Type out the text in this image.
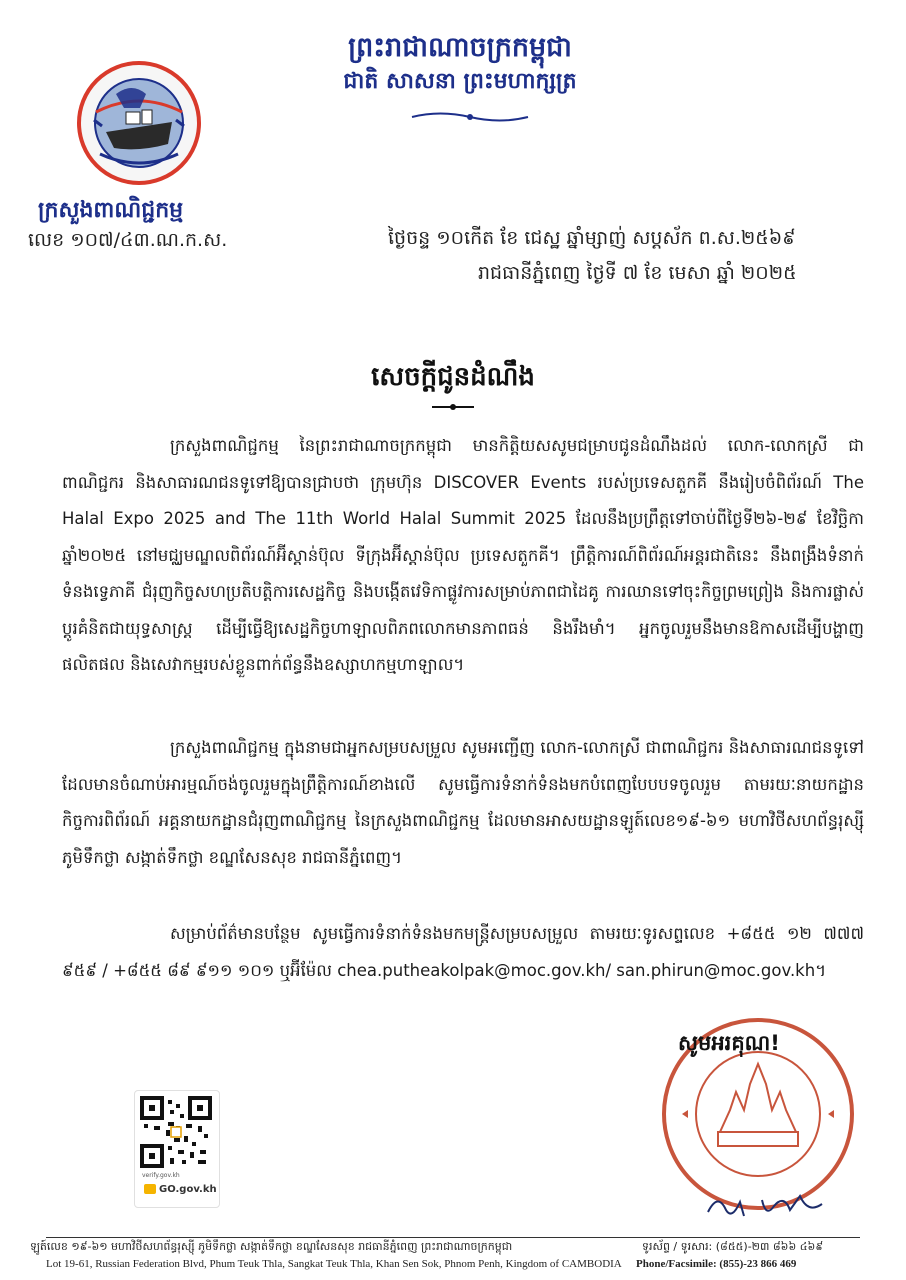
ព្រះរាជាណាចក្រកម្ពុជា
ជាតិ សាសនា ព្រះមហាក្សត្រ
ក្រសួងពាណិជ្ជកម្ម
លេខ ១០៧/៤៣.ណ.ក.ស.	ថ្ងៃចន្ទ ១០កើត ខែ ជេស្ឋ ឆ្នាំម្សាញ់ សប្តស័ក ព.ស.២៥៦៩
រាជធានីភ្នំពេញ ថ្ងៃទី ៧ ខែ មេសា ឆ្នាំ ២០២៥
សេចក្តីជូនដំណឹង
ក្រសួងពាណិជ្ជកម្ម នៃព្រះរាជាណាចក្រកម្ពុជា មានកិត្តិយសសូមជម្រាបជូនដំណឹងដល់ លោក-លោកស្រី ជាពាណិជ្ជករ និងសាធារណជនទូទៅឱ្យបានជ្រាបថា ក្រុមហ៊ុន DISCOVER Events របស់ប្រទេសតួកគី នឹងរៀបចំពិព័រណ៍ The Halal Expo 2025 and The 11th World Halal Summit 2025 ដែលនឹងប្រព្រឹត្តទៅចាប់ពីថ្ងៃទី២៦-២៩ ខែវិច្ឆិកា ឆ្នាំ២០២៥ នៅមជ្ឈមណ្ឌលពិព័រណ៍អ៊ីស្តាន់ប៊ុល ទីក្រុងអ៊ីស្តាន់ប៊ុល ប្រទេសតួកគី។ ព្រឹត្តិការណ៍ពិព័រណ៍អន្តរជាតិនេះ នឹងពង្រឹងទំនាក់ទំនងទ្វេភាគី ជំរុញកិច្ចសហប្រតិបត្តិការសេដ្ឋកិច្ច និងបង្កើតវេទិកាផ្លូវការសម្រាប់ភាពជាដៃគូ ការឈានទៅចុះកិច្ចព្រមព្រៀង និងការផ្លាស់ប្តូរគំនិតជាយុទ្ធសាស្ត្រ ដើម្បីធ្វើឱ្យសេដ្ឋកិច្ចហាឡាលពិភពលោកមានភាពធន់ និងរឹងមាំ។ អ្នកចូលរួមនឹងមានឱកាសដើម្បីបង្ហាញផលិតផល និងសេវាកម្មរបស់ខ្លួនពាក់ព័ន្ធនឹងឧស្សាហកម្មហាឡាល។
ក្រសួងពាណិជ្ជកម្ម ក្នុងនាមជាអ្នកសម្របសម្រួល សូមអញ្ជើញ លោក-លោកស្រី ជាពាណិជ្ជករ និងសាធារណជនទូទៅដែលមានចំណាប់អារម្មណ៍ចង់ចូលរួមក្នុងព្រឹត្តិការណ៍ខាងលើ សូមធ្វើការទំនាក់ទំនងមកបំពេញបែបបទចូលរួម តាមរយៈនាយកដ្ឋានកិច្ចការពិព័រណ៍ អគ្គនាយកដ្ឋានជំរុញពាណិជ្ជកម្ម នៃក្រសួងពាណិជ្ជកម្ម ដែលមានអាសយដ្ឋានឡូត៍លេខ១៩-៦១ មហាវិថីសហព័ន្ធរុស្ស៊ី ភូមិទឹកថ្លា សង្កាត់ទឹកថ្លា ខណ្ឌសែនសុខ រាជធានីភ្នំពេញ។
សម្រាប់ព័ត៌មានបន្ថែម សូមធ្វើការទំនាក់ទំនងមកមន្ត្រីសម្របសម្រួល តាមរយៈទូរសព្ទលេខ +៨៥៥ ១២ ៧៧៧ ៩៥៩ / +៨៥៥ ៨៩ ៩១១ ១០១ ឬអ៊ីម៉ែល chea.putheakolpak@moc.gov.kh/ san.phirun@moc.gov.kh។
សូមអរគុណ!
verify.gov.kh
GO.gov.kh
ឡូត៍លេខ ១៩-៦១ មហាវិថីសហព័ន្ធរុស្ស៊ី ភូមិទឹកថ្លា សង្កាត់ទឹកថ្លា ខណ្ឌសែនសុខ រាជធានីភ្នំពេញ ព្រះរាជាណាចក្រកម្ពុជា	ទូរស័ព្ទ / ទូរសារ: (៨៥៥)-២៣ ៨៦៦ ៤៦៩
Lot 19-61, Russian Federation Blvd, Phum Teuk Thla, Sangkat Teuk Thla, Khan Sen Sok, Phnom Penh, Kingdom of CAMBODIA Phone/Facsimile: (855)-23 866 469
